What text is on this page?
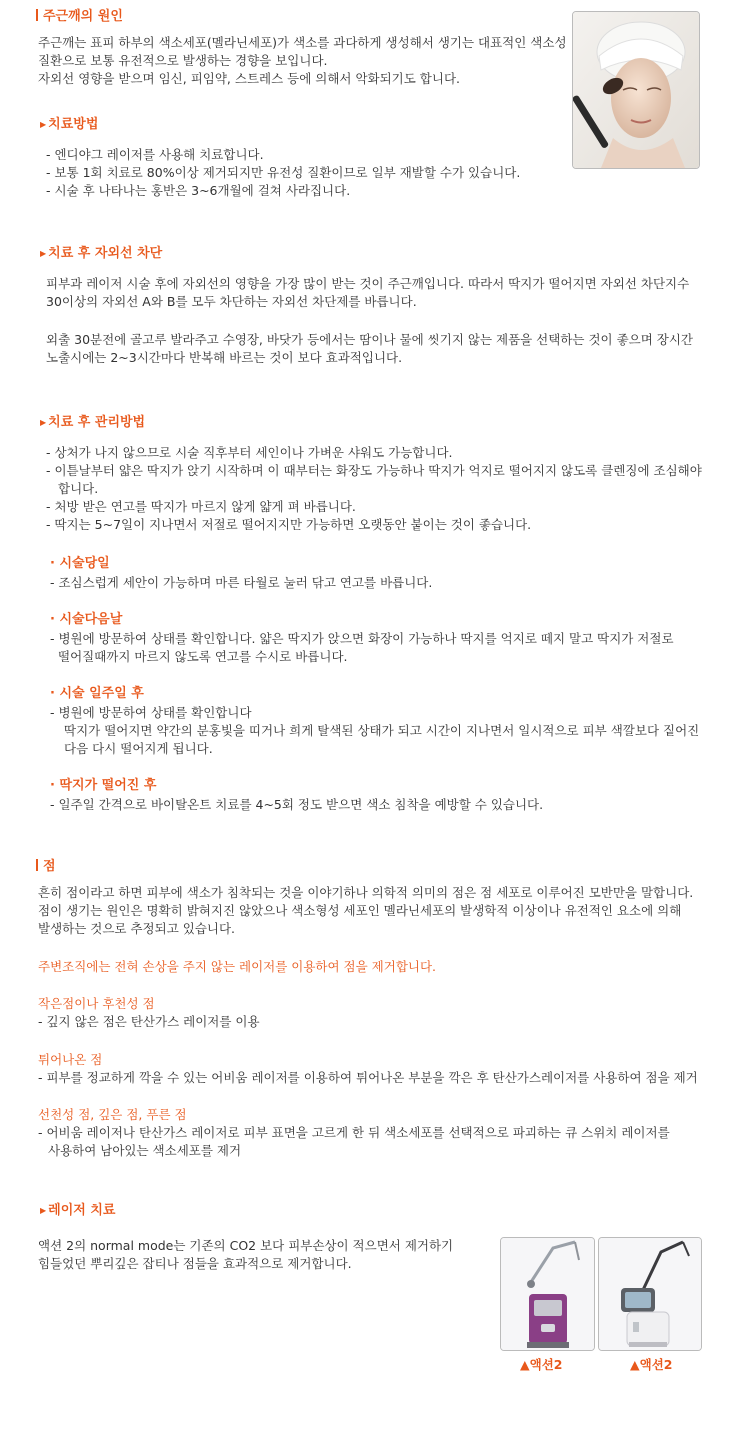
주근깨의 원인

주근깨는 표피 하부의 색소세포(멜라닌세포)가 색소를 과다하게 생성해서 생기는 대표적인 색소성

질환으로 보통 유전적으로 발생하는 경향을 보입니다.

자외선 영향을 받으며 임신, 피임약, 스트레스 등에 의해서 악화되기도 합니다.

▶ 치료방법

- 엔디야그 레이저를 사용해 치료합니다.

- 보통 1회 치료로 80%이상 제거되지만 유전성 질환이므로 일부 재발할 수가 있습니다.

- 시술 후 나타나는 홍반은 3~6개월에 걸쳐 사라집니다.

▶ 치료 후 자외선 차단

피부과 레이저 시술 후에 자외선의 영향을 가장 많이 받는 것이 주근깨입니다. 따라서 딱지가 떨어지면 자외선 차단지수

30이상의 자외선 A와 B를 모두 차단하는 자외선 차단제를 바릅니다.

외출 30분전에 골고루 발라주고 수영장, 바닷가 등에서는 땀이나 물에 씻기지 않는 제품을 선택하는 것이 좋으며 장시간

노출시에는 2~3시간마다 반복해 바르는 것이 보다 효과적입니다.

▶ 치료 후 관리방법

- 상처가 나지 않으므로 시술 직후부터 세인이나 가벼운 샤워도 가능합니다.

- 이튿날부터 얇은 딱지가 앉기 시작하며 이 때부터는 화장도 가능하나 딱지가 억지로 떨어지지 않도록 클렌징에 조심해야

합니다.

- 처방 받은 연고를 딱지가 마르지 않게 얇게 펴 바릅니다.

- 딱지는 5~7일이 지나면서 저절로 떨어지지만 가능하면 오랫동안 붙이는 것이 좋습니다.

· 시술당일

- 조심스럽게 세안이 가능하며 마른 타월로 눌러 닦고 연고를 바릅니다.

· 시술다음날

- 병원에 방문하여 상태를 확인합니다. 얇은 딱지가 앉으면 화장이 가능하나 딱지를 억지로 떼지 말고 딱지가 저절로

떨어질때까지 마르지 않도록 연고를 수시로 바릅니다.

· 시술 일주일 후

- 병원에 방문하여 상태를 확인합니다

딱지가 떨어지면 약간의 분홍빛을 띠거나 희게 탈색된 상태가 되고 시간이 지나면서 일시적으로 피부 색깔보다 짙어진

다음 다시 떨어지게 됩니다.

· 딱지가 떨어진 후

- 일주일 간격으로 바이탈온트 치료를 4~5회 정도 받으면 색소 침착을 예방할 수 있습니다.

점

흔히 점이라고 하면 피부에 색소가 침착되는 것을 이야기하나 의학적 의미의 점은 점 세포로 이루어진 모반만을 말합니다.

점이 생기는 원인은 명확히 밝혀지진 않았으나 색소형성 세포인 멜라닌세포의 발생학적 이상이나 유전적인 요소에 의해

발생하는 것으로 추정되고 있습니다.

주변조직에는 전혀 손상을 주지 않는 레이저를 이용하여 점을 제거합니다.

작은점이나 후천성 점

- 깊지 않은 점은 탄산가스 레이저를 이용

튀어나온 점

- 피부를 정교하게 깍을 수 있는 어비움 레이저를 이용하여 튀어나온 부분을 깍은 후 탄산가스레이저를 사용하여 점을 제거

선천성 점, 깊은 점, 푸른 점

- 어비움 레이저나 탄산가스 레이저로 피부 표면을 고르게 한 뒤 색소세포를 선택적으로 파괴하는 큐 스위치 레이저를

사용하여 남아있는 색소세포를 제거

▶ 레이저 치료

액션 2의 normal mode는 기존의 CO2 보다 피부손상이 적으면서 제거하기

힘들었던 뿌리깊은 잡티나 점들을 효과적으로 제거합니다.

▲액션2	▲액션2
